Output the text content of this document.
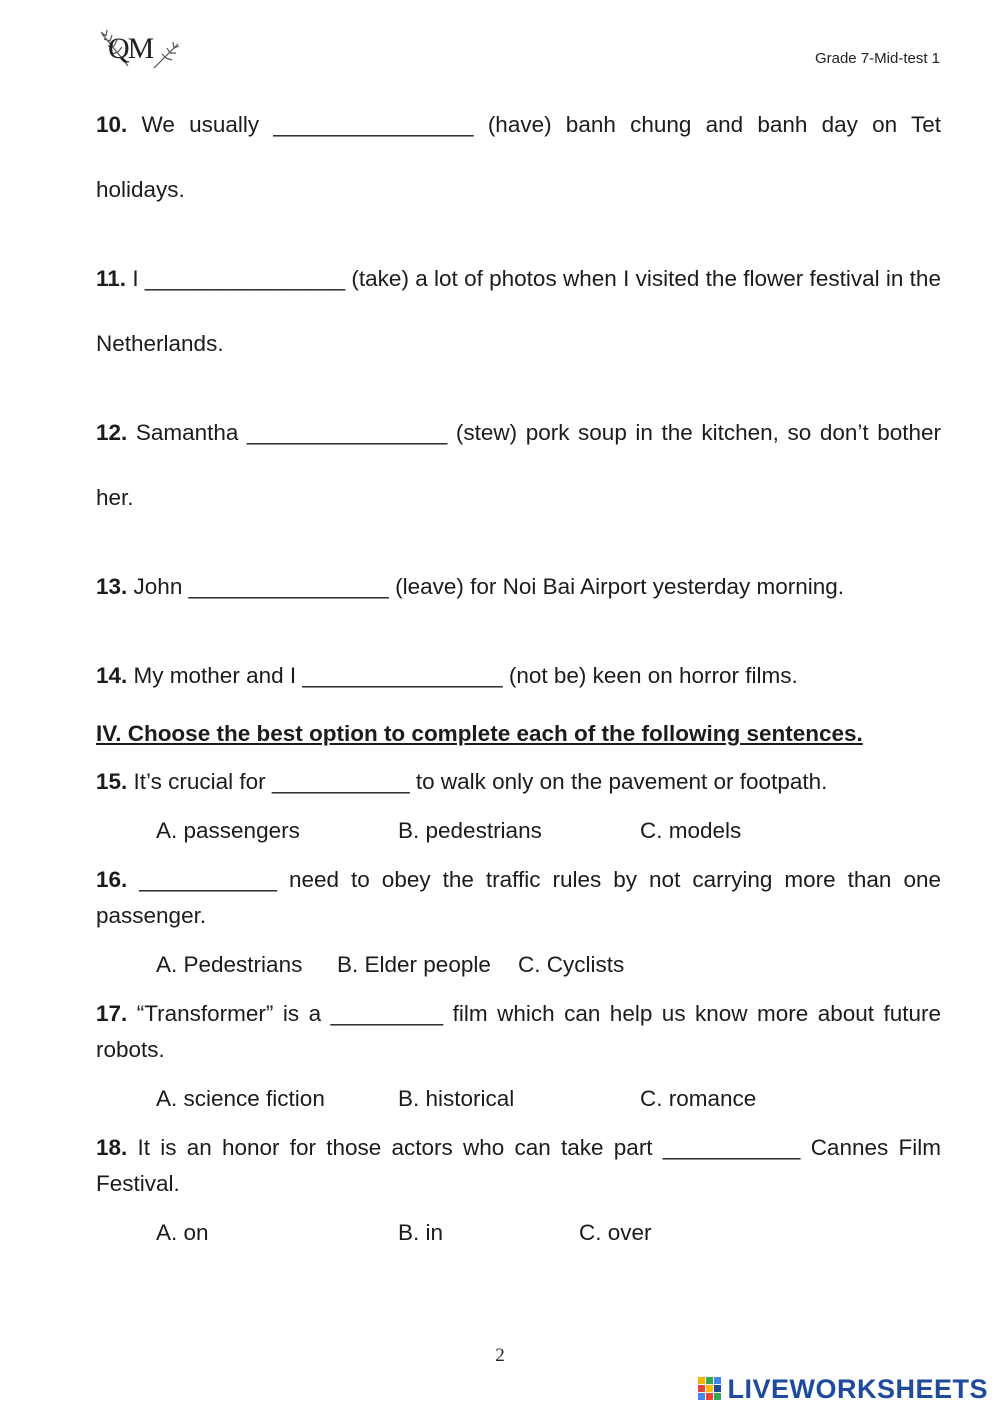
QM	Grade 7-Mid-test 1

10. We usually ________________ (have) banh chung and banh day on Tet holidays.

11. I ________________ (take) a lot of photos when I visited the flower festival in the Netherlands.

12. Samantha ________________ (stew) pork soup in the kitchen, so don’t bother her.

13. John ________________ (leave) for Noi Bai Airport yesterday morning.

14. My mother and I ________________ (not be) keen on horror films.

IV. Choose the best option to complete each of the following sentences.

15. It’s crucial for ___________ to walk only on the pavement or footpath.

A. passengers	B. pedestrians	C. models

16. ___________ need to obey the traffic rules by not carrying more than one passenger.

A. Pedestrians	B. Elder people	C. Cyclists

17. “Transformer” is a _________ film which can help us know more about future robots.

A. science fiction	B. historical	C. romance

18. It is an honor for those actors who can take part ___________ Cannes Film Festival.

A. on	B. in	C. over
2
LIVEWORKSHEETS
